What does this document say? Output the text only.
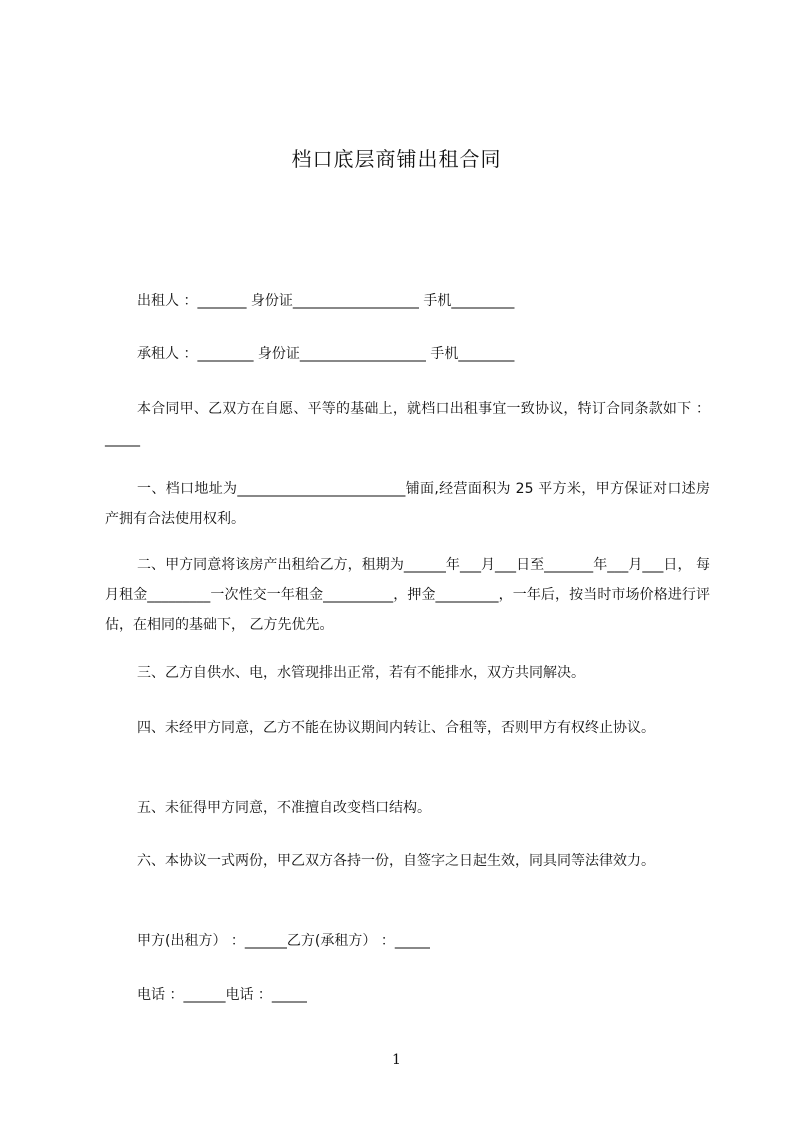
档口底层商铺出租合同

出租人 ：_______ 身份证__________________ 手机_________

承租人 ：________ 身份证__________________ 手机________

本合同甲、乙双方在自愿、平等的基础上，就档口出租事宜一致协议，特订合同条款如下 ：_____

一、档口地址为________________________铺面,经营面积为 25 平方米，甲方保证对口述房产拥有合法使用权利。

二、甲方同意将该房产出租给乙方，租期为______年___月___日至_______年___月___日， 每月租金_________一次性交一年租金__________，押金_________，一年后，按当时市场价格进行评估，在相同的基础下， 乙方先优先。

三、乙方自供水、电，水管现排出正常，若有不能排水，双方共同解决。

四、未经甲方同意，乙方不能在协议期间内转让、合租等，否则甲方有权终止协议。

五、未征得甲方同意，不准擅自改变档口结构。

六、本协议一式两份，甲乙双方各持一份，自签字之日起生效，同具同等法律效力。

甲方(出租方） ：______乙方(承租方） ：_____

电话 ：______电话 ：_____

1
